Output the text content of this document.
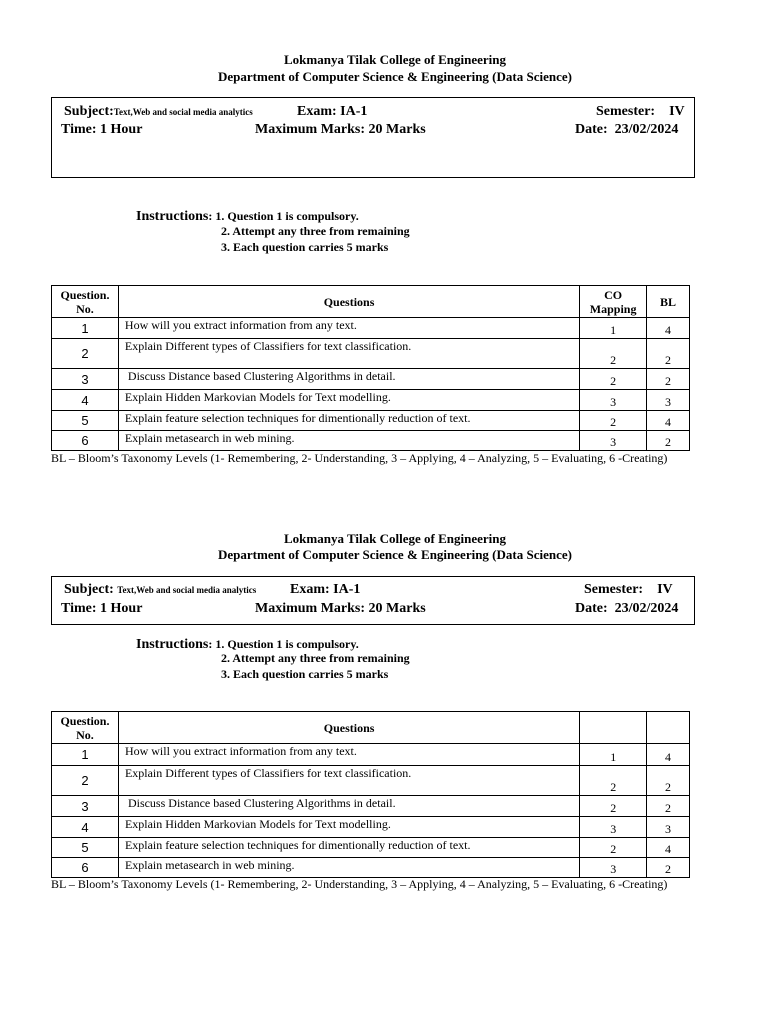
Lokmanya Tilak College of Engineering
Department of Computer Science & Engineering (Data Science)
Subject:Text,Web and social media analytics	Exam: IA-1	Semester:    IV
Time: 1 Hour	Maximum Marks: 20 Marks	Date:  23/02/2024
Instructions: 1. Question 1 is compulsory.
2. Attempt any three from remaining
3. Each question carries 5 marks
Question. No.	Questions	CO Mapping	BL
1	How will you extract information from any text.	1	4
2	Explain Different types of Classifiers for text classification.	2	2
3	Discuss Distance based Clustering Algorithms in detail.	2	2
4	Explain Hidden Markovian Models for Text modelling.	3	3
5	Explain feature selection techniques for dimentionally reduction of text.	2	4
6	Explain metasearch in web mining.	3	2
BL – Bloom’s Taxonomy Levels (1- Remembering, 2- Understanding, 3 – Applying, 4 – Analyzing, 5 – Evaluating, 6 -Creating)
Lokmanya Tilak College of Engineering
Department of Computer Science & Engineering (Data Science)
Subject: Text,Web and social media analytics Exam: IA-1	Semester:    IV
Time: 1 Hour	Maximum Marks: 20 Marks	Date:  23/02/2024
Instructions: 1. Question 1 is compulsory.
2. Attempt any three from remaining
3. Each question carries 5 marks
Question. No.	Questions		
1	How will you extract information from any text.	1	4
2	Explain Different types of Classifiers for text classification.	2	2
3	Discuss Distance based Clustering Algorithms in detail.	2	2
4	Explain Hidden Markovian Models for Text modelling.	3	3
5	Explain feature selection techniques for dimentionally reduction of text.	2	4
6	Explain metasearch in web mining.	3	2
BL – Bloom’s Taxonomy Levels (1- Remembering, 2- Understanding, 3 – Applying, 4 – Analyzing, 5 – Evaluating, 6 -Creating)
